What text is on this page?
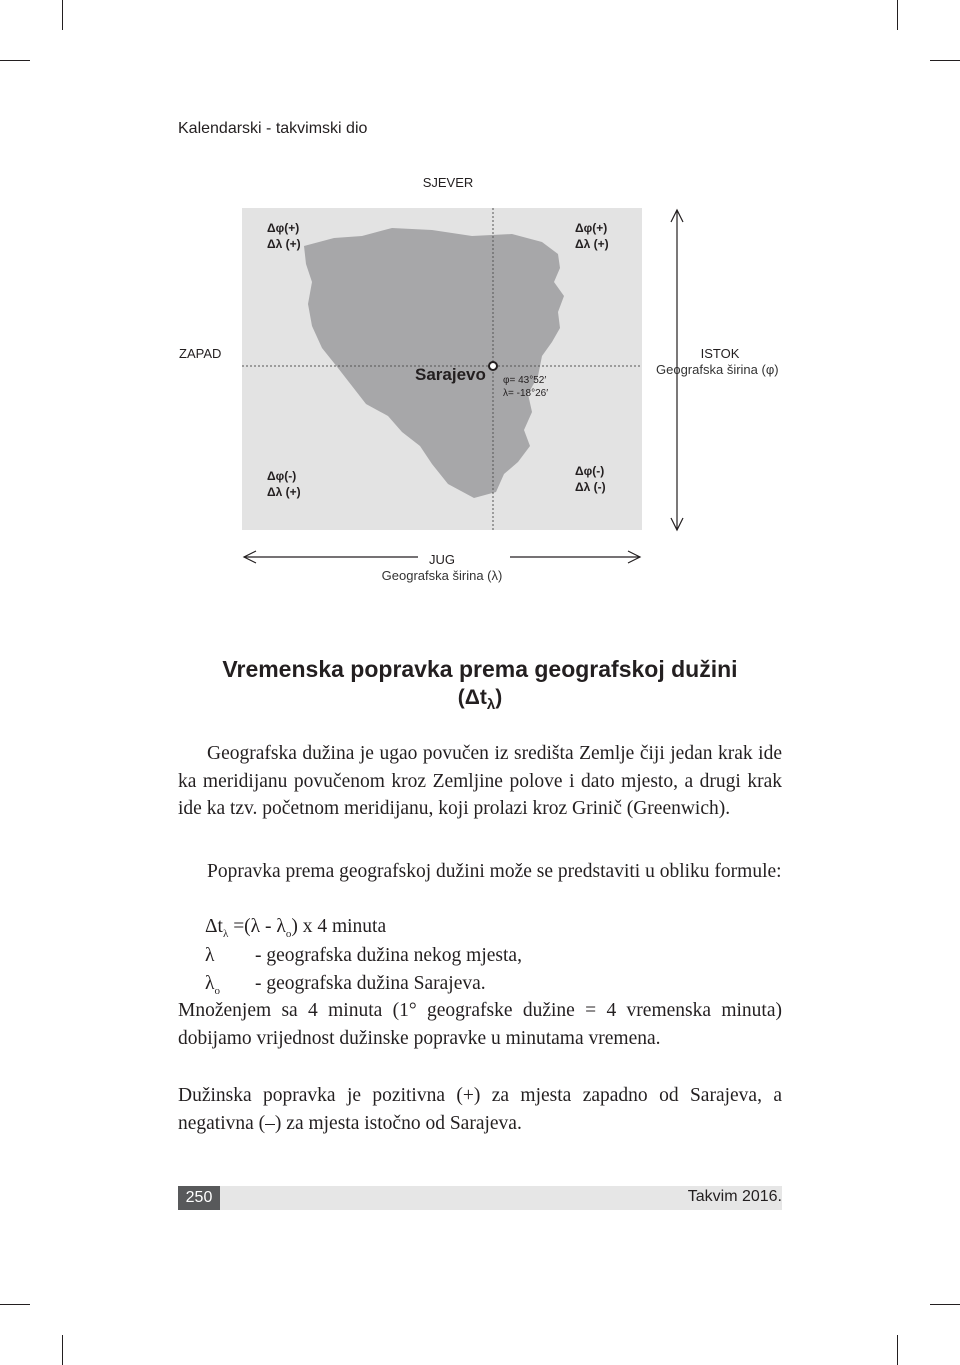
Kalendarski - takvimski dio
SJEVER
ZAPAD	ISTOK
Geografska širina (φ)
JUG
Geografska širina (λ)
Δφ(+)
Δλ (+)
Δφ(+)
Δλ (+)
Δφ(-)
Δλ (+)
Δφ(-)
Δλ (-)
Sarajevo φ= 43°52′
λ= -18°26′
Vremenska popravka prema geografskoj dužini
$(\Delta t_\lambda)$
Geografska dužina je ugao povučen iz središta Zemlje čiji jedan krak ide ka meridijanu povučenom kroz Zemljine polove i dato mjesto, a drugi krak ide ka tzv. početnom meridijanu, koji prolazi kroz Grinič (Greenwich).
Popravka prema geografskoj dužini može se predstaviti u obliku formule:
$\Delta t_\lambda =(\lambda - \lambda_o)$ x 4 minuta
λ - geografska dužina nekog mjesta,
$\lambda_o$ - geografska dužina Sarajeva.
Množenjem sa 4 minuta (1° geografske dužine = 4 vremenska minuta) dobijamo vrijednost dužinske popravke u minutama vremena.
Dužinska popravka je pozitivna (+) za mjesta zapadno od Sarajeva, a negativna (–) za mjesta istočno od Sarajeva.
250	Takvim 2016.
